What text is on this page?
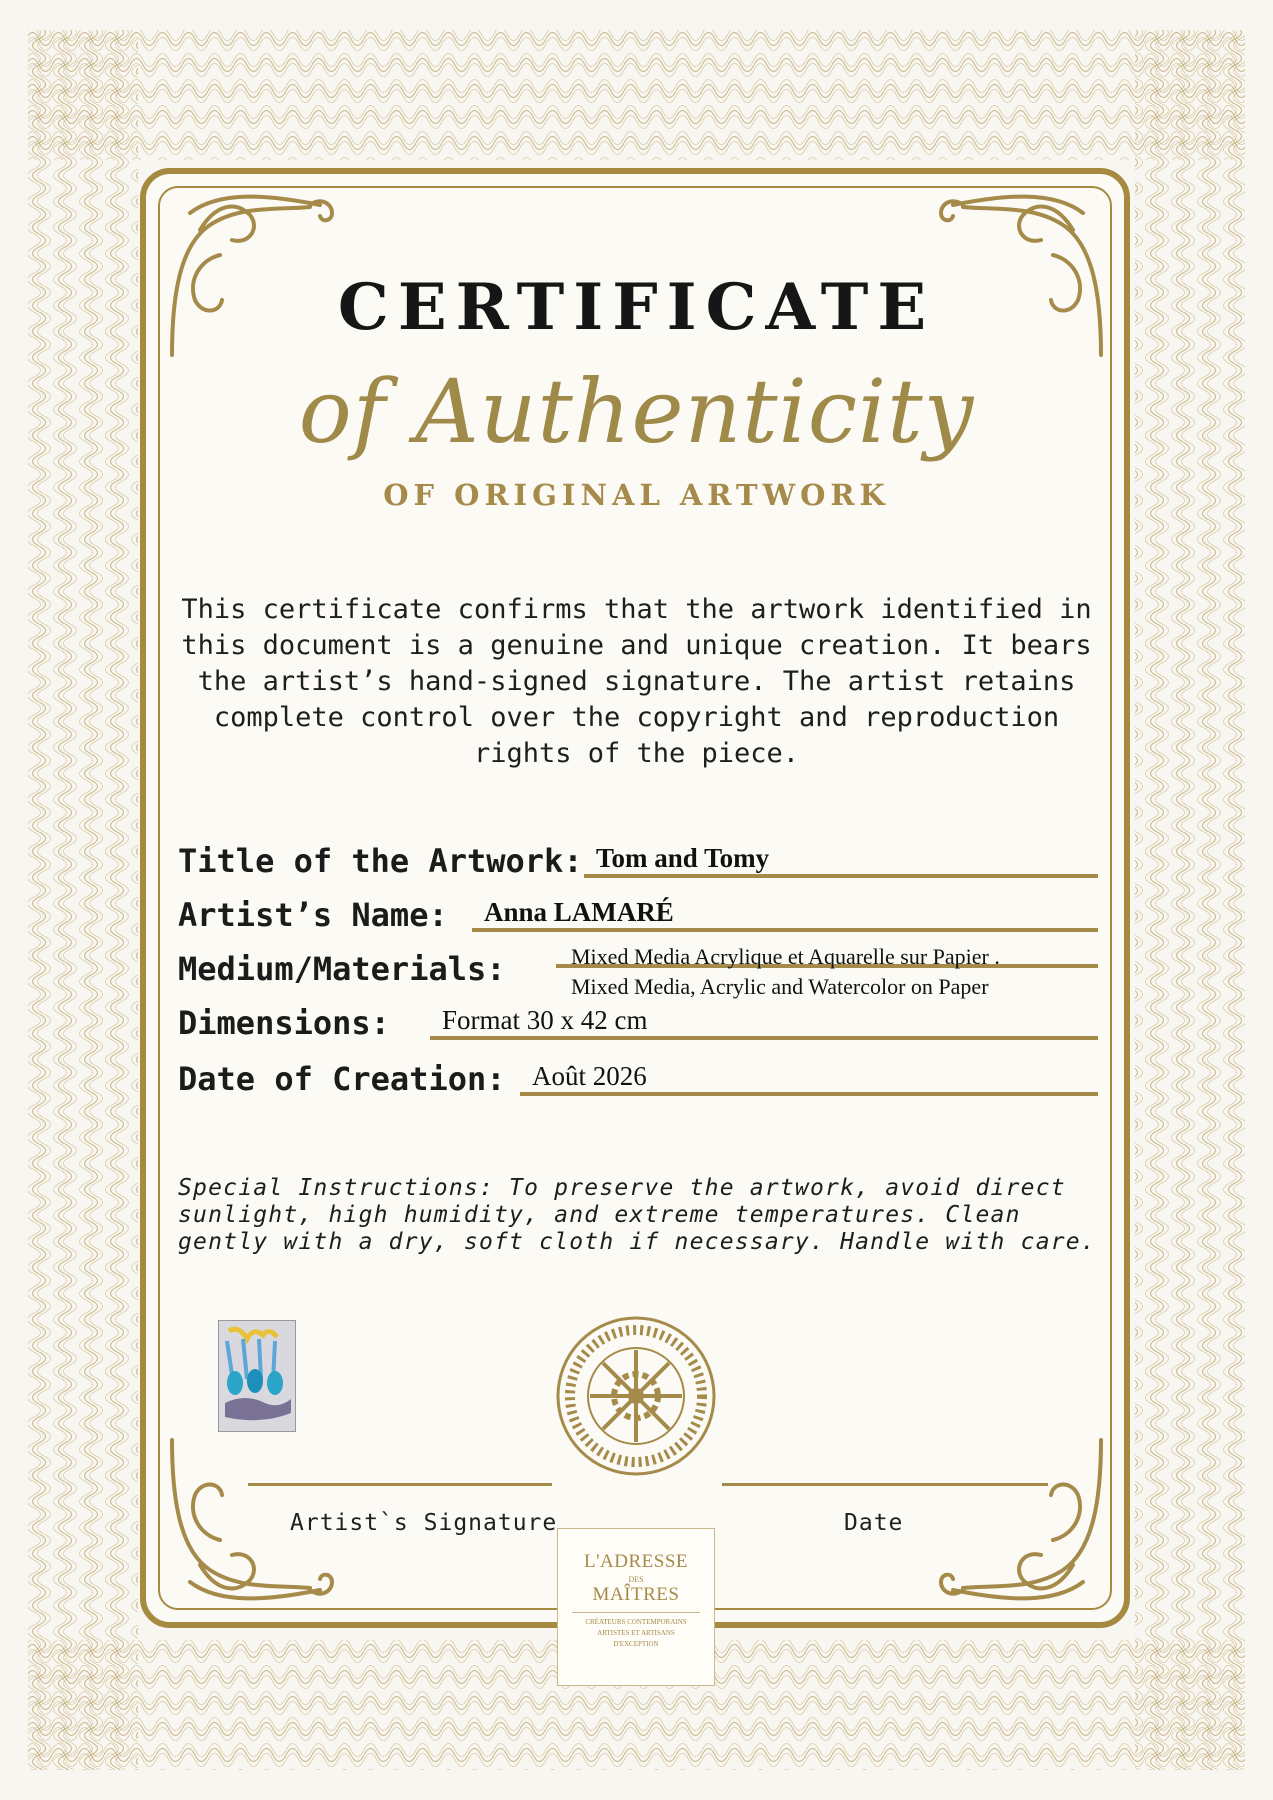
CERTIFICATE
of Authenticity
OF ORIGINAL ARTWORK
This certificate confirms that the artwork identified in this document is a genuine and unique creation. It bears the artist’s hand-signed signature. The artist retains complete control over the copyright and reproduction rights of the piece.
Title of the Artwork: Tom and Tomy
Artist’s Name: Anna LAMARÉ
Medium/Materials:	Mixed Media Acrylique et Aquarelle sur Papier .
Mixed Media, Acrylic and Watercolor on Paper
Dimensions: Format 30 x 42 cm
Date of Creation: Août 2026
Special Instructions: To preserve the artwork, avoid direct sunlight, high humidity, and extreme temperatures. Clean gently with a dry, soft cloth if necessary. Handle with care.
Artist`s Signature	Date
L'ADRESSE
DES
MAÎTRES
CRÉATEURS CONTEMPORAINS
ARTISTES ET ARTISANS
D'EXCEPTION
